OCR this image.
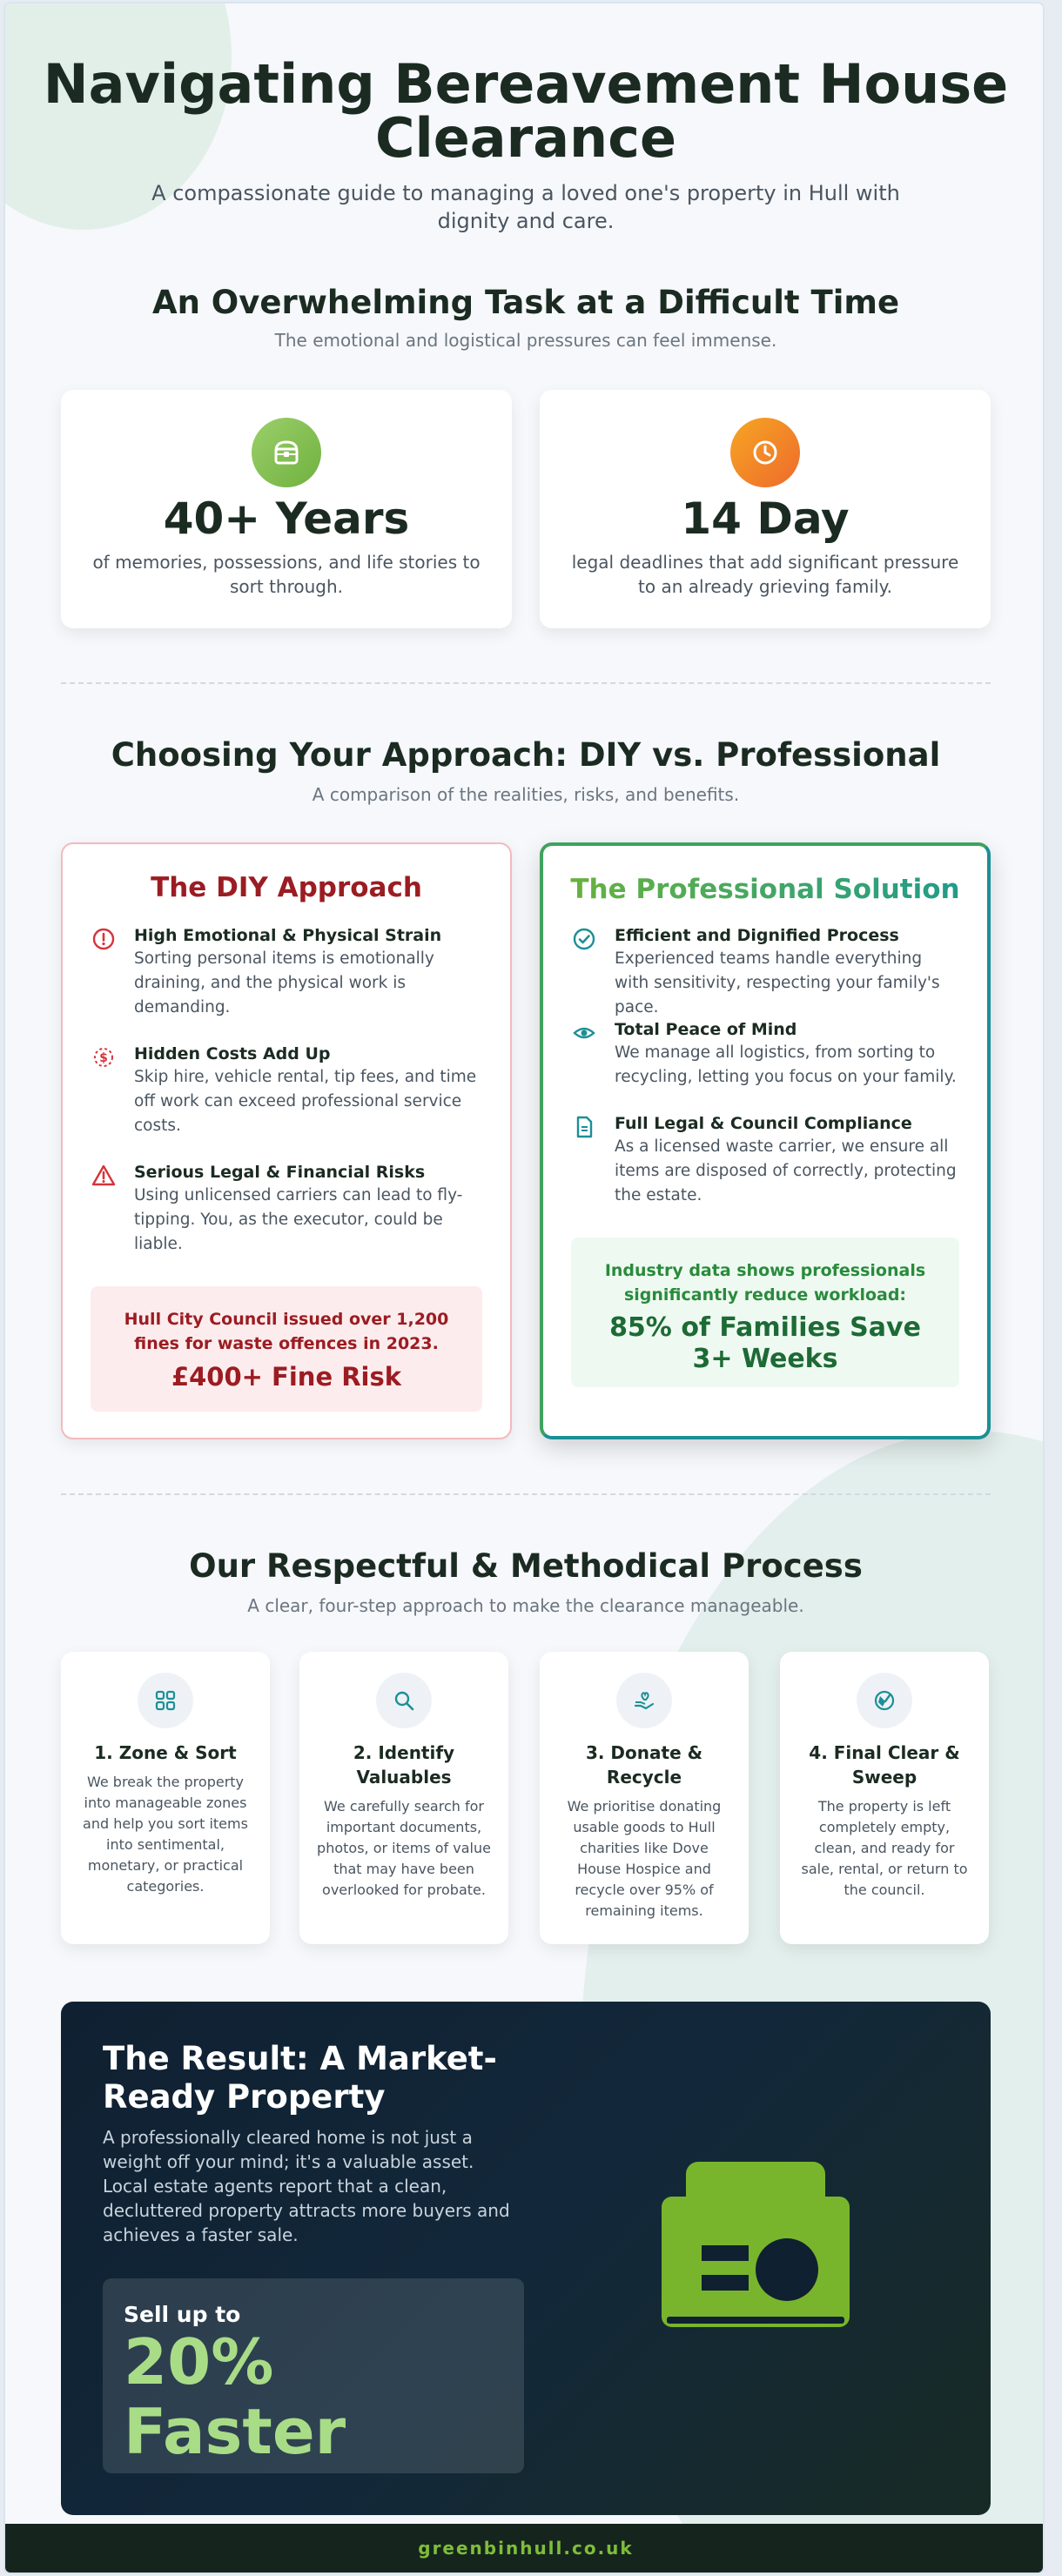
Navigating Bereavement House Clearance
A compassionate guide to managing a loved one's property in Hull with dignity and care.
An Overwhelming Task at a Difficult Time
The emotional and logistical pressures can feel immense.
40+ Years
of memories, possessions, and life stories to sort through.
14 Day
legal deadlines that add significant pressure to an already grieving family.
Choosing Your Approach: DIY vs. Professional
A comparison of the realities, risks, and benefits.
The DIY Approach
High Emotional & Physical Strain
Sorting personal items is emotionally draining, and the physical work is demanding.
$ Hidden Costs Add Up
Skip hire, vehicle rental, tip fees, and time off work can exceed professional service costs.
Serious Legal & Financial Risks
Using unlicensed carriers can lead to fly-tipping. You, as the executor, could be liable.
Hull City Council issued over 1,200 fines for waste offences in 2023.
£400+ Fine Risk
The Professional Solution
Efficient and Dignified Process
Experienced teams handle everything with sensitivity, respecting your family's pace.
Total Peace of Mind
We manage all logistics, from sorting to recycling, letting you focus on your family.
Full Legal & Council Compliance
As a licensed waste carrier, we ensure all items are disposed of correctly, protecting the estate.
Industry data shows professionals significantly reduce workload:
85% of Families Save 3+ Weeks
Our Respectful & Methodical Process
A clear, four-step approach to make the clearance manageable.
1. Zone & Sort
We break the property into manageable zones and help you sort items into sentimental, monetary, or practical categories.
2. Identify Valuables
We carefully search for important documents, photos, or items of value that may have been overlooked for probate.
3. Donate & Recycle
We prioritise donating usable goods to Hull charities like Dove House Hospice and recycle over 95% of remaining items.
4. Final Clear & Sweep
The property is left completely empty, clean, and ready for sale, rental, or return to the council.
The Result: A Market-Ready Property
A professionally cleared home is not just a weight off your mind; it's a valuable asset. Local estate agents report that a clean, decluttered property attracts more buyers and achieves a faster sale.
Sell up to
20% Faster
greenbinhull.co.uk
